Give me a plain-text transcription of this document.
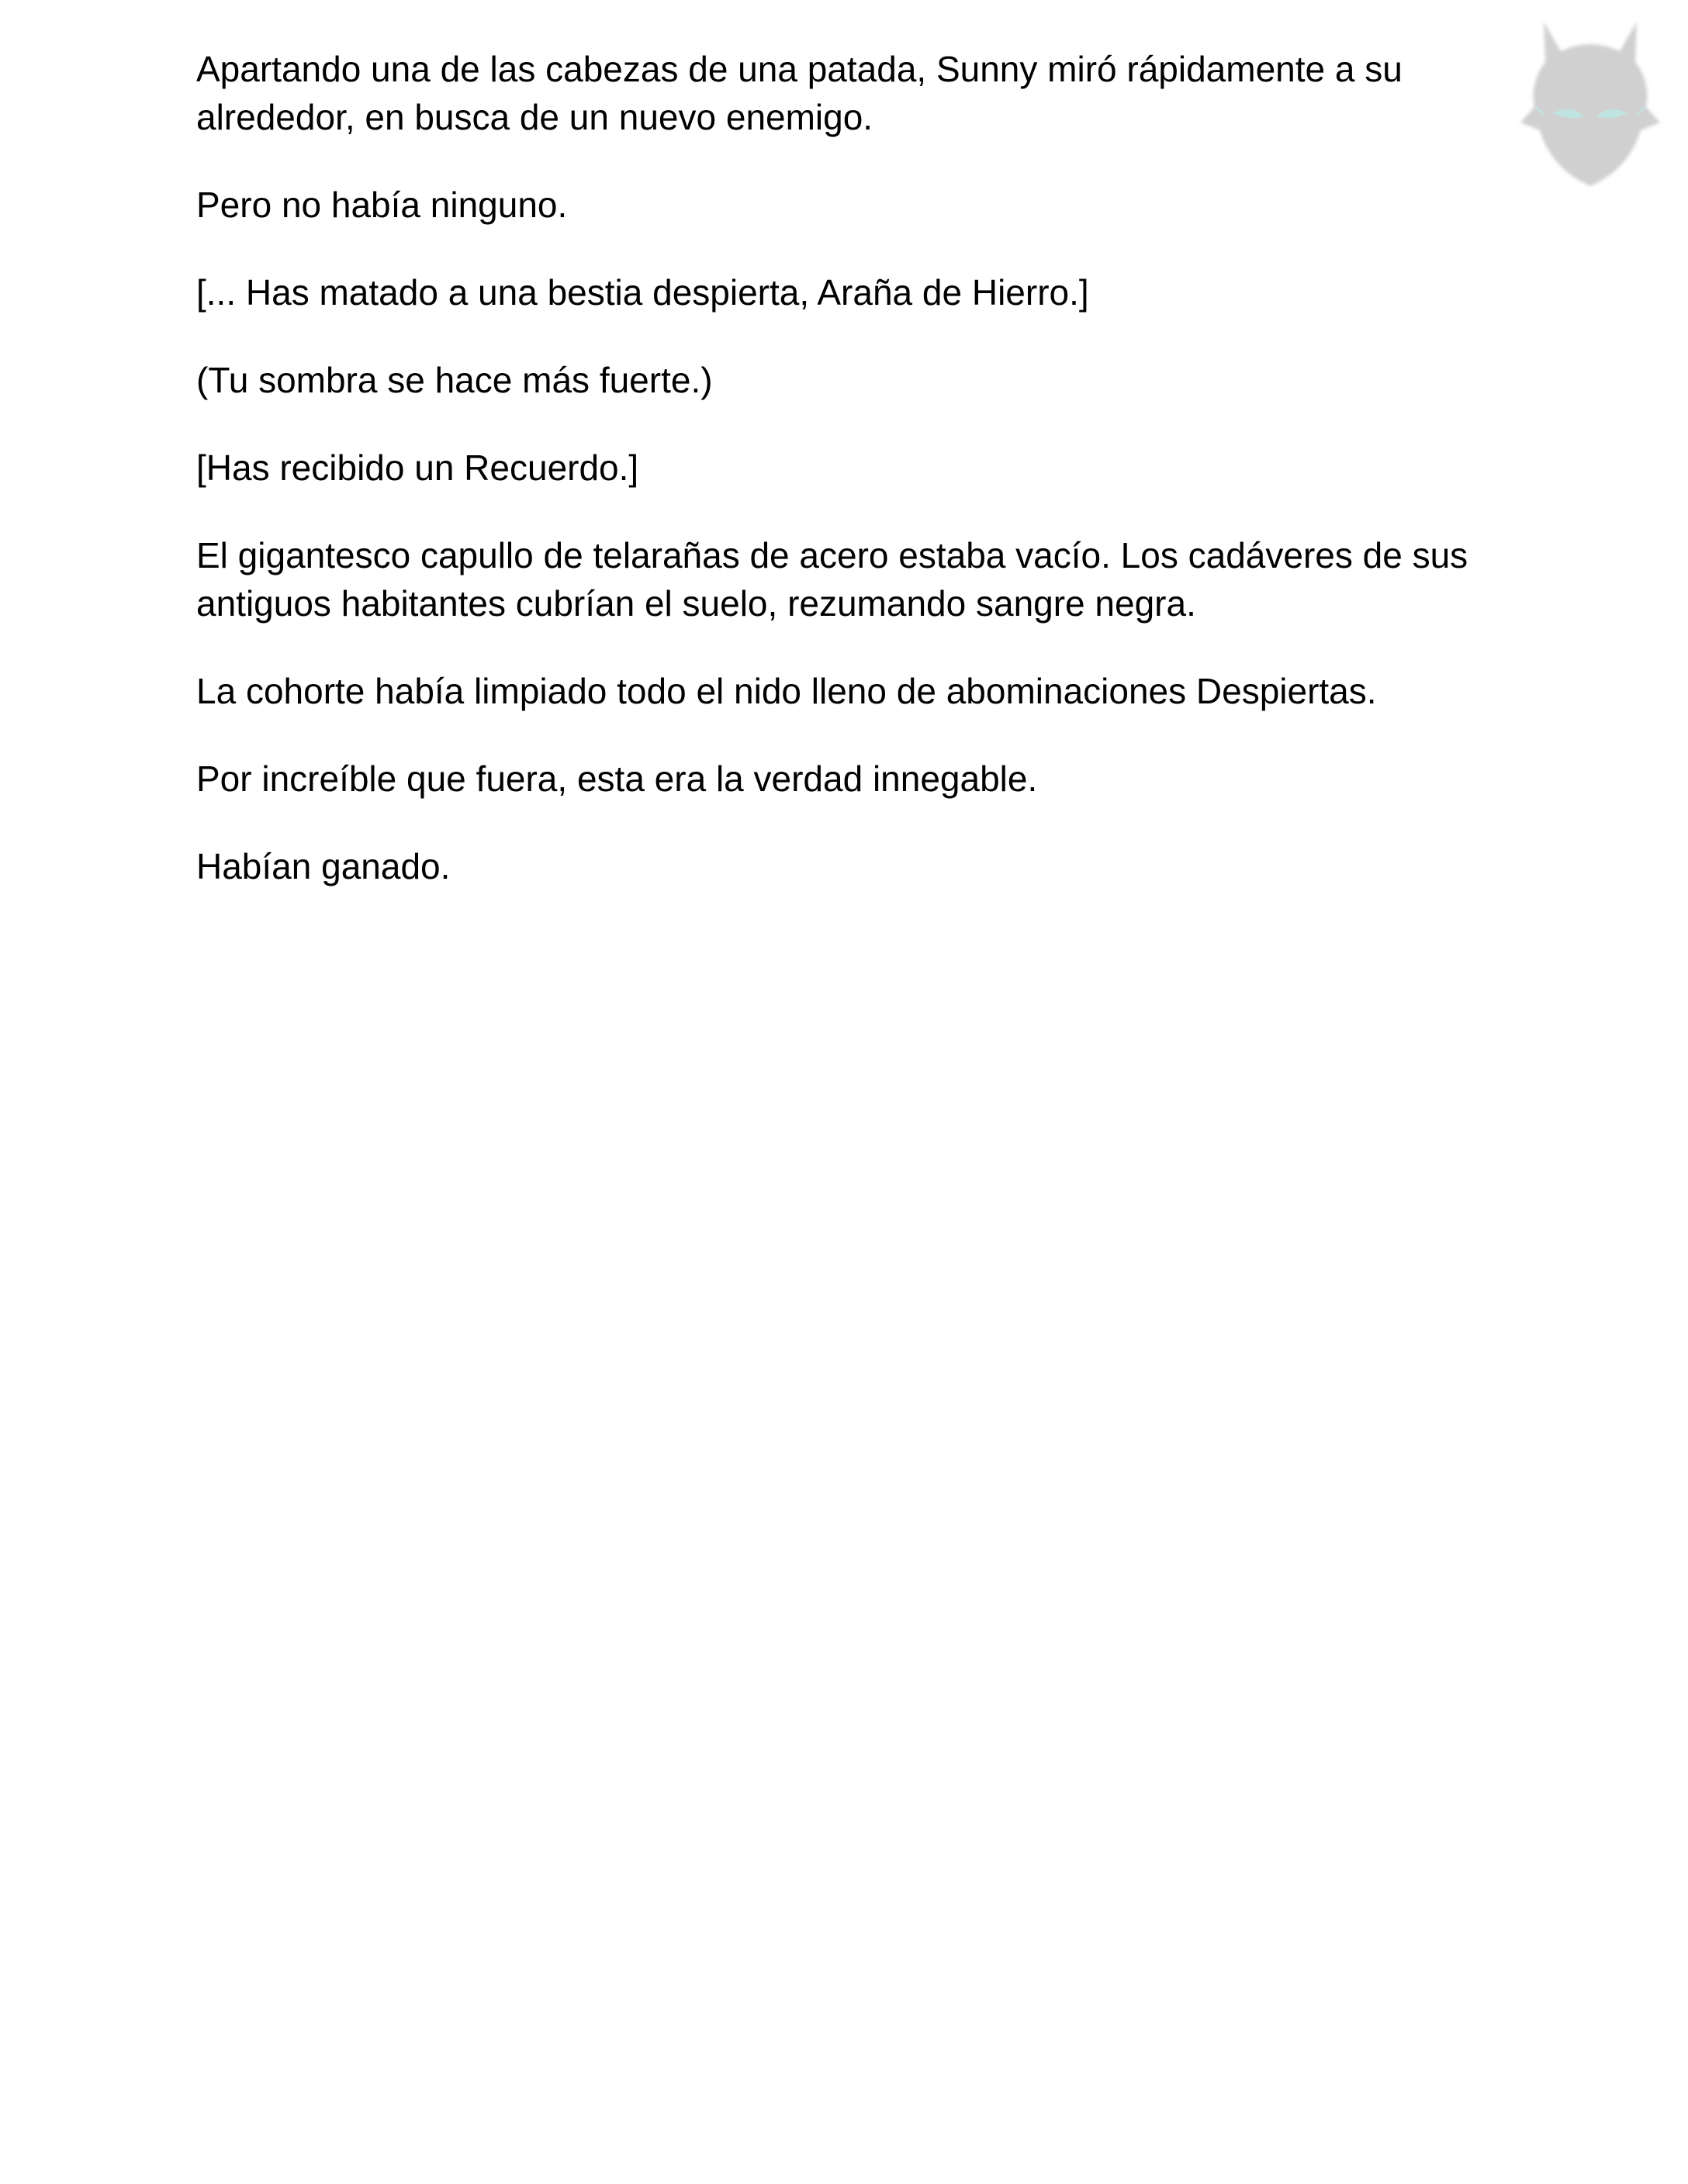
Apartando una de las cabezas de una patada, Sunny miró rápidamente a su alrededor, en busca de un nuevo enemigo.

Pero no había ninguno.

[... Has matado a una bestia despierta, Araña de Hierro.]

(Tu sombra se hace más fuerte.)

[Has recibido un Recuerdo.]

El gigantesco capullo de telarañas de acero estaba vacío. Los cadáveres de sus antiguos habitantes cubrían el suelo, rezumando sangre negra.

La cohorte había limpiado todo el nido lleno de abominaciones Despiertas.

Por increíble que fuera, esta era la verdad innegable.

Habían ganado.
